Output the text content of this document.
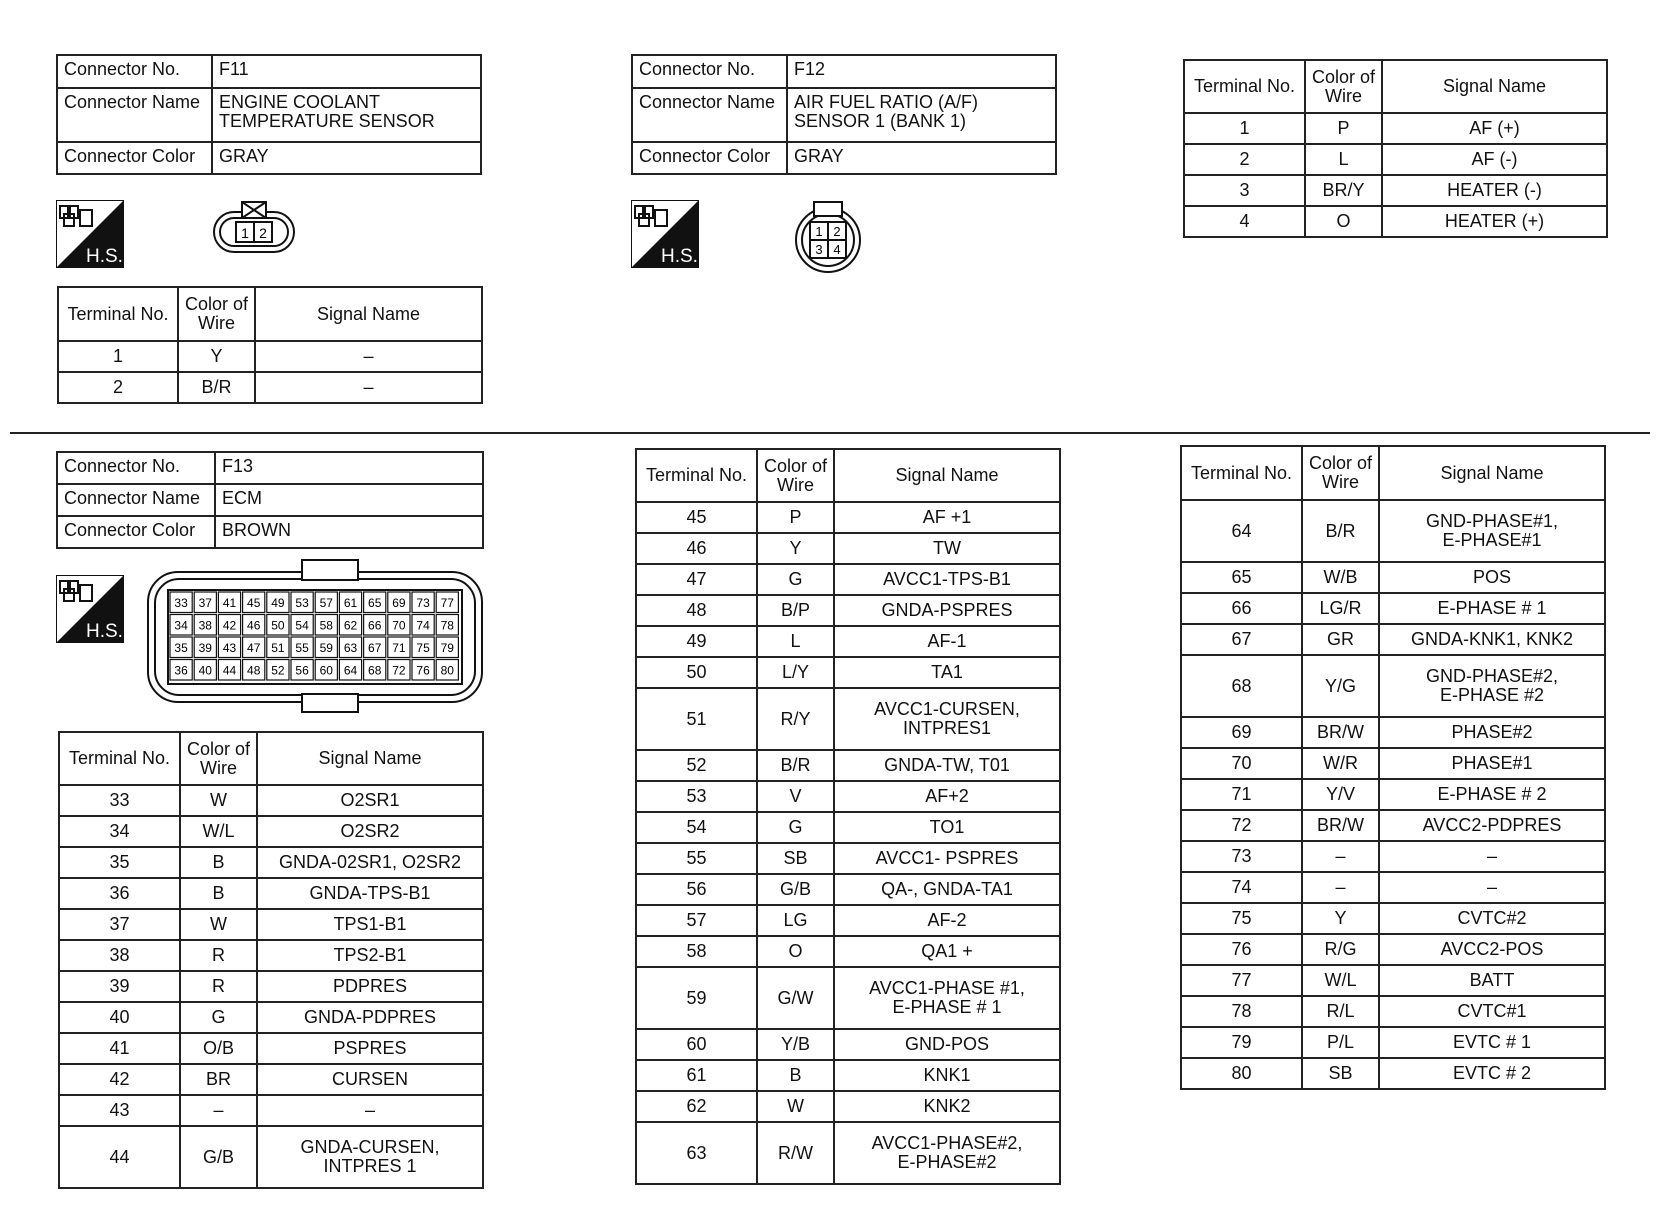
Connector No.	F11
Connector Name	ENGINE COOLANT
TEMPERATURE SENSOR
Connector Color	GRAY
H.S.
1 2
Terminal No.	Color of
Wire	Signal Name
1	Y	–
2	B/R	–
Connector No.	F12
Connector Name	AIR FUEL RATIO (A/F)
SENSOR 1 (BANK 1)
Connector Color	GRAY
H.S.
1 2
3 4
Terminal No.	Color of
Wire	Signal Name
1	P	AF (+)
2	L	AF (-)
3	BR/Y	HEATER (-)
4	O	HEATER (+)
Connector No.	F13
Connector Name	ECM
Connector Color	BROWN
H.S.
33 37 41 45 49 53 57 61 65 69 73 77
34 38 42 46 50 54 58 62 66 70 74 78
35 39 43 47 51 55 59 63 67 71 75 79
36 40 44 48 52 56 60 64 68 72 76 80
Terminal No.	Color of
Wire	Signal Name
33	W	O2SR1
34	W/L	O2SR2
35	B	GNDA-02SR1, O2SR2
36	B	GNDA-TPS-B1
37	W	TPS1-B1
38	R	TPS2-B1
39	R	PDPRES
40	G	GNDA-PDPRES
41	O/B	PSPRES
42	BR	CURSEN
43	–	–
44	G/B	GNDA-CURSEN,
INTPRES 1
Terminal No.	Color of
Wire	Signal Name
45	P	AF +1
46	Y	TW
47	G	AVCC1-TPS-B1
48	B/P	GNDA-PSPRES
49	L	AF-1
50	L/Y	TA1
51	R/Y	AVCC1-CURSEN,
INTPRES1
52	B/R	GNDA-TW, T01
53	V	AF+2
54	G	TO1
55	SB	AVCC1- PSPRES
56	G/B	QA-, GNDA-TA1
57	LG	AF-2
58	O	QA1 +
59	G/W	AVCC1-PHASE #1,
E-PHASE # 1
60	Y/B	GND-POS
61	B	KNK1
62	W	KNK2
63	R/W	AVCC1-PHASE#2,
E-PHASE#2
Terminal No.	Color of
Wire	Signal Name
64	B/R	GND-PHASE#1,
E-PHASE#1
65	W/B	POS
66	LG/R	E-PHASE # 1
67	GR	GNDA-KNK1, KNK2
68	Y/G	GND-PHASE#2,
E-PHASE #2
69	BR/W	PHASE#2
70	W/R	PHASE#1
71	Y/V	E-PHASE # 2
72	BR/W	AVCC2-PDPRES
73	–	–
74	–	–
75	Y	CVTC#2
76	R/G	AVCC2-POS
77	W/L	BATT
78	R/L	CVTC#1
79	P/L	EVTC # 1
80	SB	EVTC # 2
